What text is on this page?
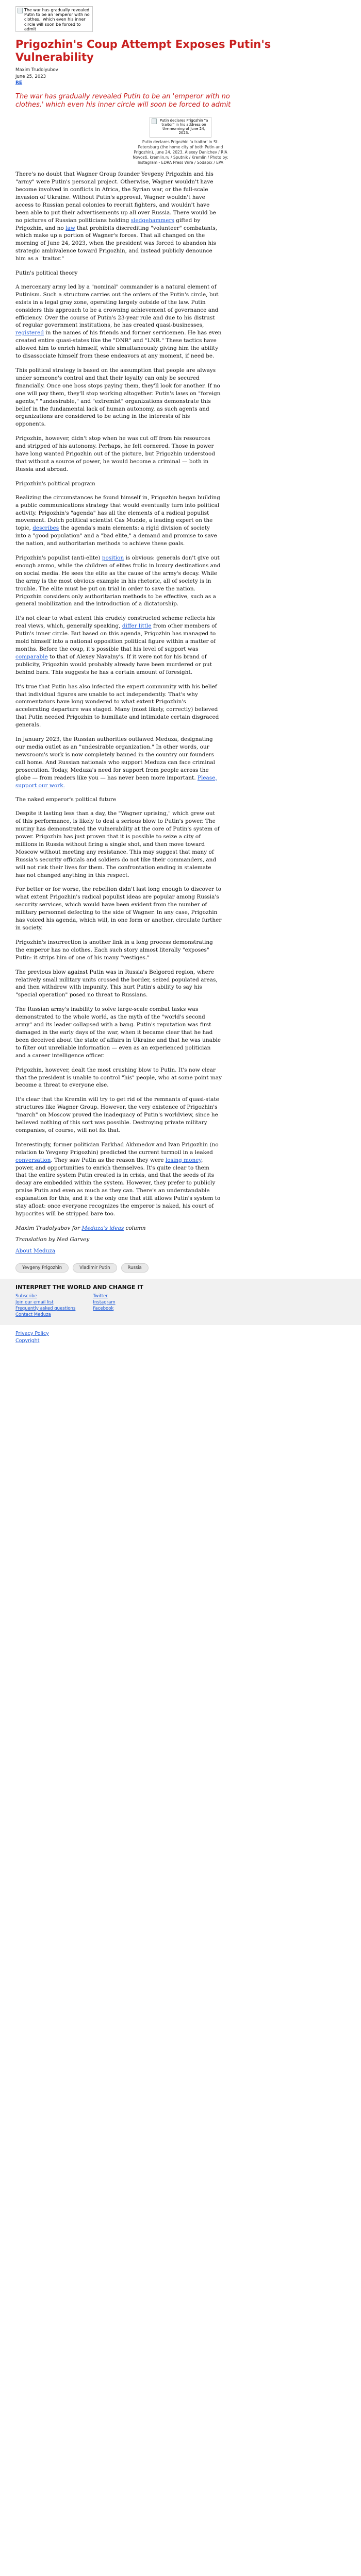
The war has gradually revealed Putin to be an 'emperor with no clothes,' which even his inner circle will soon be forced to admit
Prigozhin's Coup Attempt Exposes Putin's Vulnerability
Maxim Trudolyubov
June 25, 2023
RE
The war has gradually revealed Putin to be an 'emperor with no clothes,' which even his inner circle will soon be forced to admit
Putin declares Prigozhin "a traitor" in his address on the morning of June 24, 2023.
Putin declares Prigozhin 'a traitor' in St.
Petersburg (the home city of both Putin and
Prigozhin), June 24, 2023. Alexey Danichev / RIA
Novosti. kremlin.ru / Sputnik / Kremlin / Photo by:
Instagram - EDRA Press Wire / Sodapix / EPA

There's no doubt that Wagner Group founder Yevgeny Prigozhin and his "army" were Putin's personal project. Otherwise, Wagner wouldn't have become involved in conflicts in Africa, the Syrian war, or the full-scale invasion of Ukraine. Without Putin's approval, Wagner wouldn't have access to Russian penal colonies to recruit fighters, and wouldn't have been able to put their advertisements up all over Russia. There would be no pictures of Russian politicians holding sledgehammers gifted by Prigozhin, and no law that prohibits discrediting "volunteer" combatants, which make up a portion of Wagner's forces. That all changed on the morning of June 24, 2023, when the president was forced to abandon his strategic ambivalence toward Prigozhin, and instead publicly denounce him as a "traitor."

Putin's political theory

A mercenary army led by a "nominal" commander is a natural element of Putinism. Such a structure carries out the orders of the Putin's circle, but exists in a legal gray zone, operating largely outside of the law. Putin considers this approach to be a crowning achievement of governance and efficiency. Over the course of Putin's 23-year rule and due to his distrust of regular government institutions, he has created quasi-businesses, registered in the names of his friends and former servicemen. He has even created entire quasi-states like the "DNR" and "LNR." These tactics have allowed him to enrich himself, while simultaneously giving him the ability to disassociate himself from these endeavors at any moment, if need be.

This political strategy is based on the assumption that people are always under someone's control and that their loyalty can only be secured financially. Once one boss stops paying them, they'll look for another. If no one will pay them, they'll stop working altogether. Putin's laws on "foreign agents," "undesirable," and "extremist" organizations demonstrate this belief in the fundamental lack of human autonomy, as such agents and organizations are considered to be acting in the interests of his opponents.

Prigozhin, however, didn't stop when he was cut off from his resources and stripped of his autonomy. Perhaps, he felt cornered. Those in power have long wanted Prigozhin out of the picture, but Prigozhin understood that without a source of power, he would become a criminal — both in Russia and abroad.

Prigozhin's political program

Realizing the circumstances he found himself in, Prigozhin began building a public communications strategy that would eventually turn into political activity. Prigozhin's "agenda" has all the elements of a radical populist movement. Dutch political scientist Cas Mudde, a leading expert on the topic, describes the agenda's main elements: a rigid division of society into a "good population" and a "bad elite," a demand and promise to save the nation, and authoritarian methods to achieve these goals.

Prigozhin's populist (anti-elite) position is obvious: generals don't give out enough ammo, while the children of elites frolic in luxury destinations and on social media. He sees the elite as the cause of the army's decay. While the army is the most obvious example in his rhetoric, all of society is in trouble. The elite must be put on trial in order to save the nation. Prigozhin considers only authoritarian methods to be effective, such as a general mobilization and the introduction of a dictatorship.

It's not clear to what extent this crudely constructed scheme reflects his real views, which, generally speaking, differ little from other members of Putin's inner circle. But based on this agenda, Prigozhin has managed to mold himself into a national opposition political figure within a matter of months. Before the coup, it's possible that his level of support was comparable to that of Alexey Navalny's. If it were not for his brand of publicity, Prigozhin would probably already have been murdered or put behind bars. This suggests he has a certain amount of foresight.

It's true that Putin has also infected the expert community with his belief that individual figures are unable to act independently. That's why commentators have long wondered to what extent Prigozhin's accelerating departure was staged. Many (most likely, correctly) believed that Putin needed Prigozhin to humiliate and intimidate certain disgraced generals.

In January 2023, the Russian authorities outlawed Meduza, designating our media outlet as an "undesirable organization." In other words, our newsroom's work is now completely banned in the country our founders call home. And Russian nationals who support Meduza can face criminal prosecution. Today, Meduza's need for support from people across the globe — from readers like you — has never been more important. Please, support our work.

The naked emperor's political future

Despite it lasting less than a day, the "Wagner uprising," which grew out of this performance, is likely to deal a serious blow to Putin's power. The mutiny has demonstrated the vulnerability at the core of Putin's system of power. Prigozhin has just proven that it is possible to seize a city of millions in Russia without firing a single shot, and then move toward Moscow without meeting any resistance. This may suggest that many of Russia's security officials and soldiers do not like their commanders, and will not risk their lives for them. The confrontation ending in stalemate has not changed anything in this respect.

For better or for worse, the rebellion didn't last long enough to discover to what extent Prigozhin's radical populist ideas are popular among Russia's security services, which would have been evident from the number of military personnel defecting to the side of Wagner. In any case, Prigozhin has voiced his agenda, which will, in one form or another, circulate further in society.

Prigozhin's insurrection is another link in a long process demonstrating the emperor has no clothes. Each such story almost literally "exposes" Putin: it strips him of one of his many "vestiges."

The previous blow against Putin was in Russia's Belgorod region, where relatively small military units crossed the border, seized populated areas, and then withdrew with impunity. This hurt Putin's ability to say his "special operation" posed no threat to Russians.

The Russian army's inability to solve large-scale combat tasks was demonstrated to the whole world, as the myth of the "world's second army" and its leader collapsed with a bang. Putin's reputation was first damaged in the early days of the war, when it became clear that he had been deceived about the state of affairs in Ukraine and that he was unable to filter out unreliable information — even as an experienced politician and a career intelligence officer.

Prigozhin, however, dealt the most crushing blow to Putin. It's now clear that the president is unable to control "his" people, who at some point may become a threat to everyone else.

It's clear that the Kremlin will try to get rid of the remnants of quasi-state structures like Wagner Group. However, the very existence of Prigozhin's "march" on Moscow proved the inadequacy of Putin's worldview, since he believed nothing of this sort was possible. Destroying private military companies, of course, will not fix that.

Interestingly, former politician Farkhad Akhmedov and Ivan Prigozhin (no relation to Yevgeny Prigozhin) predicted the current turmoil in a leaked conversation. They saw Putin as the reason they were losing money, power, and opportunities to enrich themselves. It's quite clear to them that the entire system Putin created is in crisis, and that the seeds of its decay are embedded within the system. However, they prefer to publicly praise Putin and even as much as they can. There's an understandable explanation for this, and it's the only one that still allows Putin's system to stay afloat: once everyone recognizes the emperor is naked, his court of hypocrites will be stripped bare too.

Maxim Trudolyubov for Meduza's ideas column

Translation by Ned Garvey

About Meduza

Yevgeny Prigozhin	Vladimir Putin	Russia
INTERPRET THE WORLD AND CHANGE IT
Subscribe
Join our email list
Frequently asked questions
Contact Meduza
Twitter
Instagram
Facebook
Privacy Policy
Copyright
